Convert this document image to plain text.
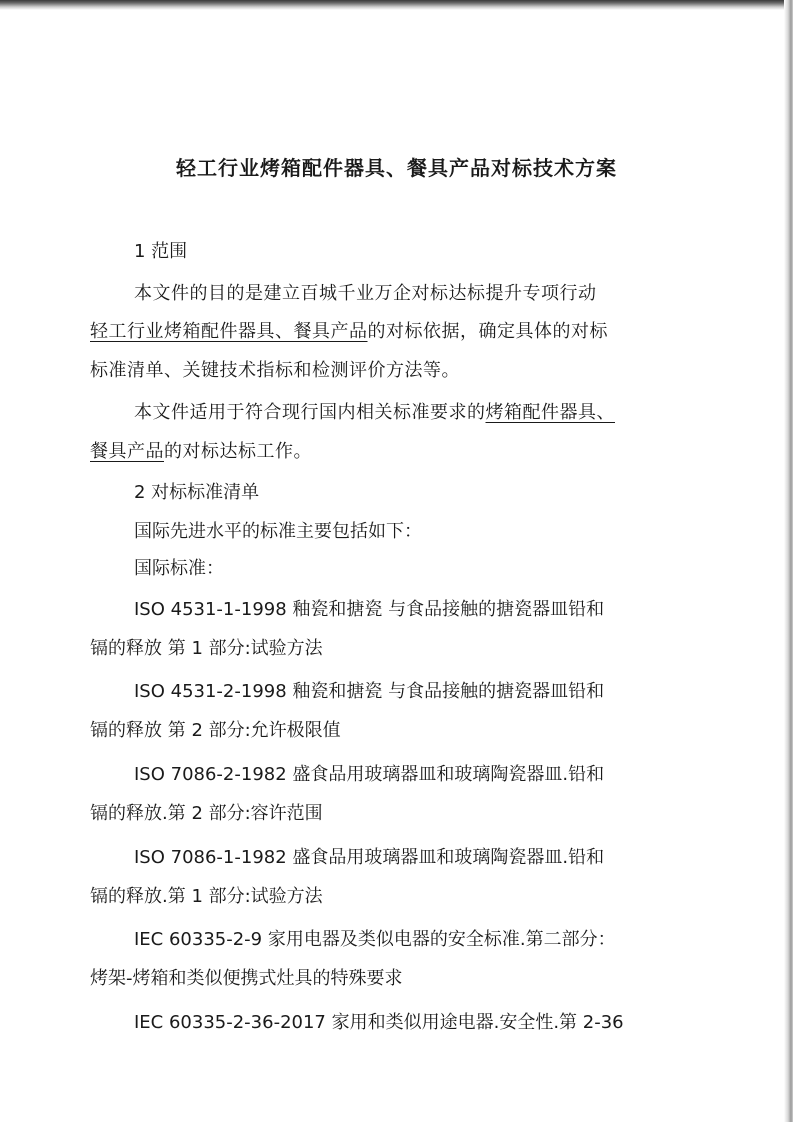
轻工行业烤箱配件器具、餐具产品对标技术方案
1 范围
本文件的目的是建立百城千业万企对标达标提升专项行动
轻工行业烤箱配件器具、餐具产品的对标依据，确定具体的对标
标准清单、关键技术指标和检测评价方法等。
本文件适用于符合现行国内相关标准要求的烤箱配件器具、
餐具产品的对标达标工作。
2 对标标准清单
国际先进水平的标准主要包括如下：
国际标准：
ISO 4531-1-1998 釉瓷和搪瓷 与食品接触的搪瓷器皿铅和
镉的释放 第 1 部分:试验方法
ISO 4531-2-1998 釉瓷和搪瓷 与食品接触的搪瓷器皿铅和
镉的释放 第 2 部分:允许极限值
ISO 7086-2-1982 盛食品用玻璃器皿和玻璃陶瓷器皿.铅和
镉的释放.第 2 部分:容许范围
ISO 7086-1-1982 盛食品用玻璃器皿和玻璃陶瓷器皿.铅和
镉的释放.第 1 部分:试验方法
IEC 60335-2-9 家用电器及类似电器的安全标准.第二部分：
烤架-烤箱和类似便携式灶具的特殊要求
IEC 60335-2-36-2017 家用和类似用途电器.安全性.第 2-36
